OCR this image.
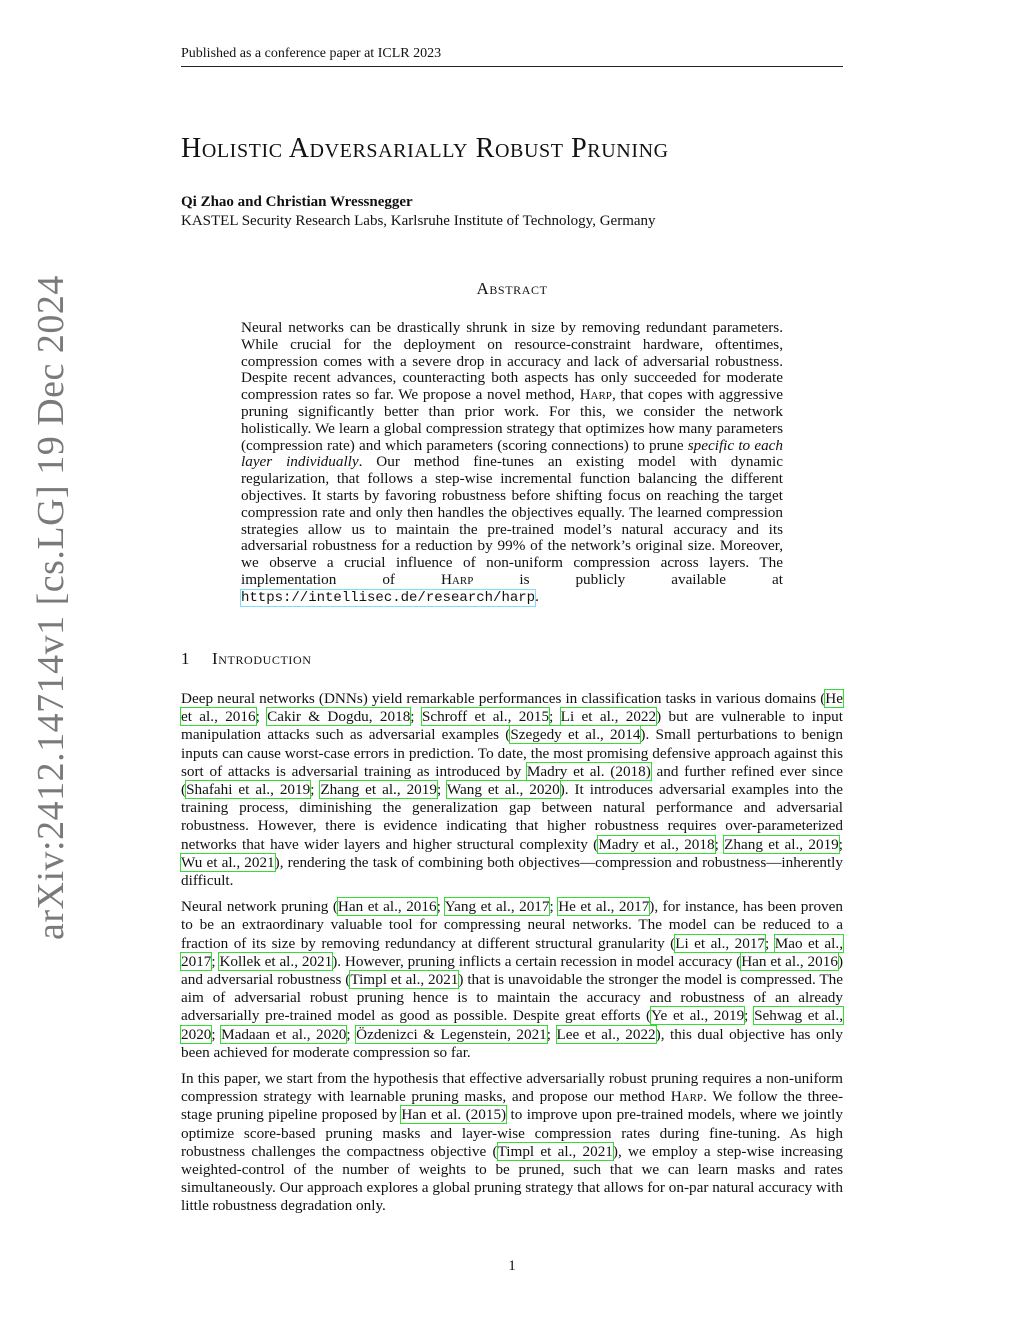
Published as a conference paper at ICLR 2023
arXiv:2412.14714v1 [cs.LG] 19 Dec 2024
Holistic Adversarially Robust Pruning
Qi Zhao and Christian Wressnegger
KASTEL Security Research Labs, Karlsruhe Institute of Technology, Germany
Abstract
Neural networks can be drastically shrunk in size by removing redundant parameters. While crucial for the deployment on resource-constraint hardware, oftentimes, compression comes with a severe drop in accuracy and lack of adversarial robustness. Despite recent advances, counteracting both aspects has only succeeded for moderate compression rates so far. We propose a novel method, Harp, that copes with aggressive pruning significantly better than prior work. For this, we consider the network holistically. We learn a global compression strategy that optimizes how many parameters (compression rate) and which parameters (scoring connections) to prune specific to each layer individually. Our method fine-tunes an existing model with dynamic regularization, that follows a step-wise incremental function balancing the different objectives. It starts by favoring robustness before shifting focus on reaching the target compression rate and only then handles the objectives equally. The learned compression strategies allow us to maintain the pre-trained model’s natural accuracy and its adversarial robustness for a reduction by 99% of the network’s original size. Moreover, we observe a crucial influence of non-uniform compression across layers. The implementation of	Harp	is publicly available at https://intellisec.de/research/harp.
1 Introduction

Deep neural networks (DNNs) yield remarkable performances in classification tasks in various domains (He et al., 2016; Cakir & Dogdu, 2018; Schroff et al., 2015; Li et al., 2022) but are vulnerable to input manipulation attacks such as adversarial examples (Szegedy et al., 2014). Small perturbations to benign inputs can cause worst-case errors in prediction. To date, the most promising defensive approach against this sort of attacks is adversarial training as introduced by Madry et al. (2018) and further refined ever since (Shafahi et al., 2019; Zhang et al., 2019; Wang et al., 2020). It introduces adversarial examples into the training process, diminishing the generalization gap between natural performance and adversarial robustness. However, there is evidence indicating that higher robustness requires over-parameterized networks that have wider layers and higher structural complexity (Madry et al., 2018; Zhang et al., 2019; Wu et al., 2021), rendering the task of combining both objectives—compression and robustness—inherently difficult.

Neural network pruning (Han et al., 2016; Yang et al., 2017; He et al., 2017), for instance, has been proven to be an extraordinary valuable tool for compressing neural networks. The model can be reduced to a fraction of its size by removing redundancy at different structural granularity (Li et al., 2017; Mao et al., 2017; Kollek et al., 2021). However, pruning inflicts a certain recession in model accuracy (Han et al., 2016) and adversarial robustness (Timpl et al., 2021) that is unavoidable the stronger the model is compressed. The aim of adversarial robust pruning hence is to maintain the accuracy and robustness of an already adversarially pre-trained model as good as possible. Despite great efforts (Ye et al., 2019; Sehwag et al., 2020; Madaan et al., 2020; Özdenizci & Legenstein, 2021; Lee et al., 2022), this dual objective has only been achieved for moderate compression so far.

In this paper, we start from the hypothesis that effective adversarially robust pruning requires a non-uniform compression strategy with learnable pruning masks, and propose our method Harp. We follow the three-stage pruning pipeline proposed by Han et al. (2015) to improve upon pre-trained models, where we jointly optimize score-based pruning masks and layer-wise compression rates during fine-tuning. As high robustness challenges the compactness objective (Timpl et al., 2021), we employ a step-wise increasing weighted-control of the number of weights to be pruned, such that we can learn masks and rates simultaneously. Our approach explores a global pruning strategy that allows for on-par natural accuracy with little robustness degradation only.

1
